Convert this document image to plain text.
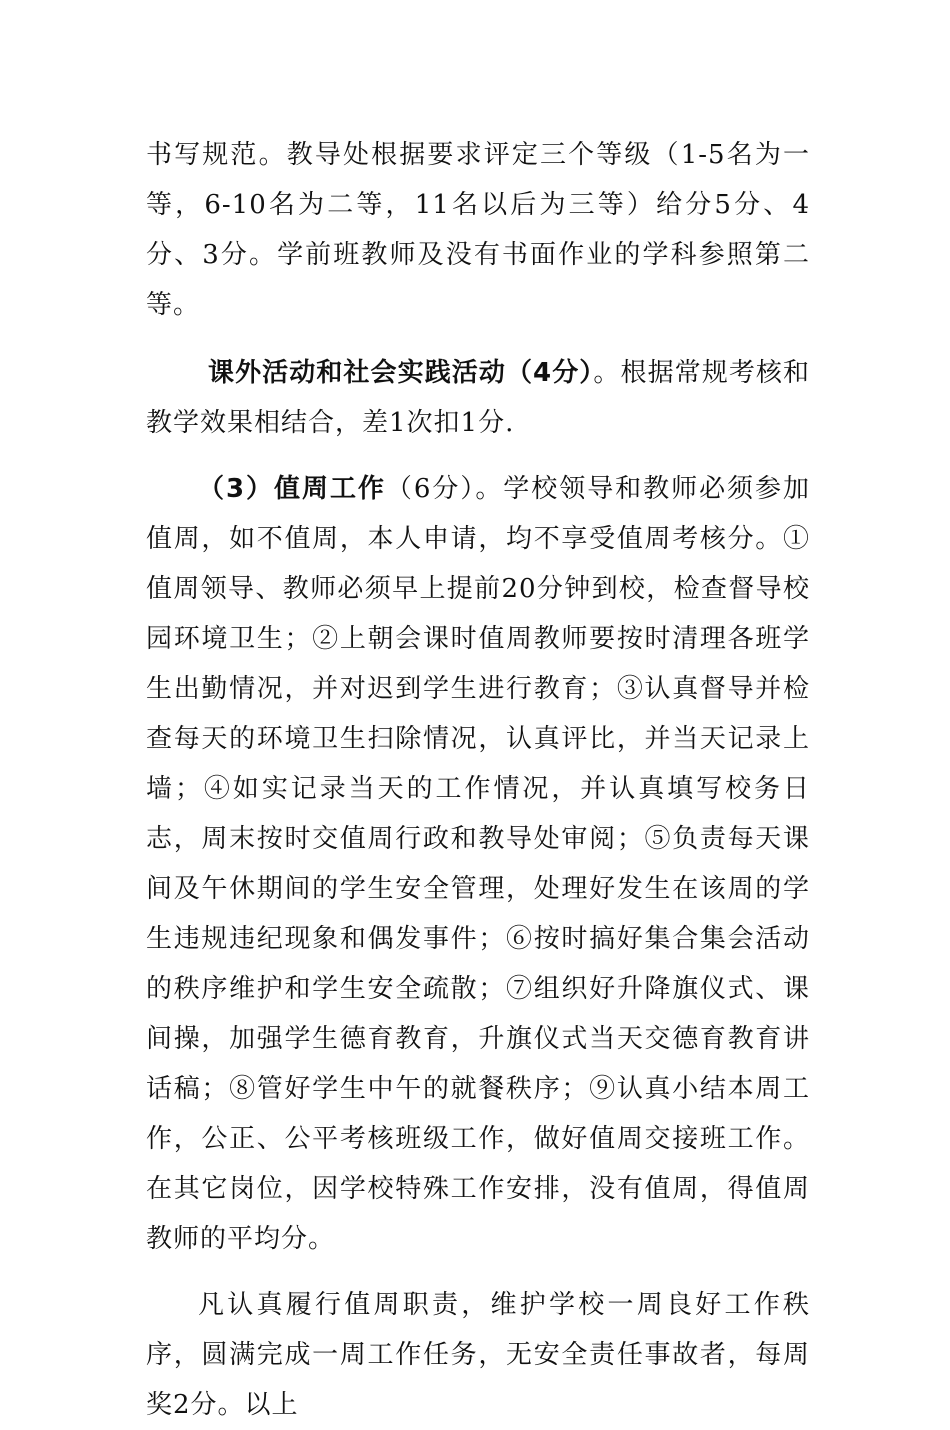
书写规范。教导处根据要求评定三个等级（1-5名为一等，6-10名为二等，11名以后为三等）给分5分、4分、3分。学前班教师及没有书面作业的学科参照第二等。

课外活动和社会实践活动（4分）。根据常规考核和教学效果相结合，差1次扣1分.

（3）值周工作（6分）。学校领导和教师必须参加值周，如不值周，本人申请，均不享受值周考核分。①值周领导、教师必须早上提前20分钟到校，检查督导校园环境卫生；②上朝会课时值周教师要按时清理各班学生出勤情况，并对迟到学生进行教育；③认真督导并检查每天的环境卫生扫除情况，认真评比，并当天记录上墙；④如实记录当天的工作情况，并认真填写校务日志，周末按时交值周行政和教导处审阅；⑤负责每天课间及午休期间的学生安全管理，处理好发生在该周的学生违规违纪现象和偶发事件；⑥按时搞好集合集会活动的秩序维护和学生安全疏散；⑦组织好升降旗仪式、课间操，加强学生德育教育，升旗仪式当天交德育教育讲话稿；⑧管好学生中午的就餐秩序；⑨认真小结本周工作，公正、公平考核班级工作，做好值周交接班工作。在其它岗位，因学校特殊工作安排，没有值周，得值周教师的平均分。

凡认真履行值周职责，维护学校一周良好工作秩序，圆满完成一周工作任务，无安全责任事故者，每周奖2分。以上
